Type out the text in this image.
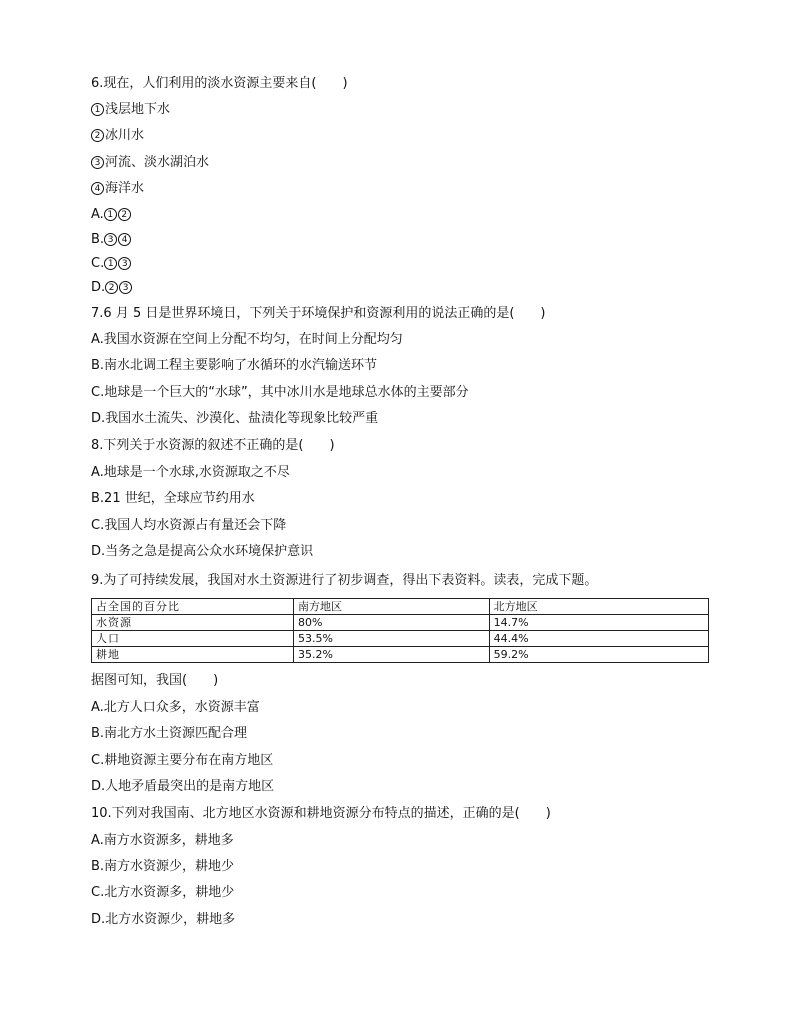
6.现在，人们利用的淡水资源主要来自(　　)
1 浅层地下水
2 冰川水
3 河流、淡水湖泊水
4 海洋水
A. 1 2
B. 3 4
C. 1 3
D. 2 3
7.6 月 5 日是世界环境日，下列关于环境保护和资源利用的说法正确的是(　　)
A.我国水资源在空间上分配不均匀，在时间上分配均匀
B.南水北调工程主要影响了水循环的水汽输送环节
C.地球是一个巨大的“水球”，其中冰川水是地球总水体的主要部分
D.我国水土流失、沙漠化、盐渍化等现象比较严重
8.下列关于水资源的叙述不正确的是(　　)
A.地球是一个水球,水资源取之不尽
B.21 世纪，全球应节约用水
C.我国人均水资源占有量还会下降
D.当务之急是提高公众水环境保护意识
9.为了可持续发展，我国对水土资源进行了初步调查，得出下表资料。读表，完成下题。
占全国的百分比	南方地区	北方地区
水资源	80%	14.7%
人口	53.5%	44.4%
耕地	35.2%	59.2%
据图可知，我国(　　)
A.北方人口众多，水资源丰富
B.南北方水土资源匹配合理
C.耕地资源主要分布在南方地区
D.人地矛盾最突出的是南方地区
10.下列对我国南、北方地区水资源和耕地资源分布特点的描述，正确的是(　　)
A.南方水资源多，耕地多
B.南方水资源少，耕地少
C.北方水资源多，耕地少
D.北方水资源少，耕地多
